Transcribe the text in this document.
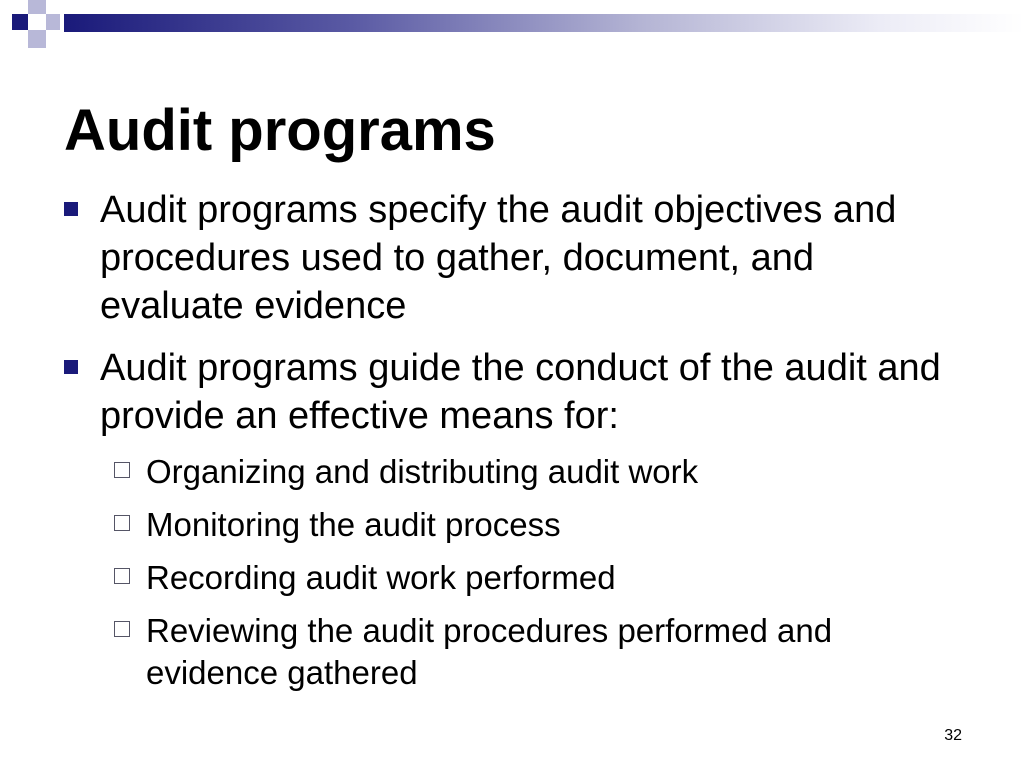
Audit programs
Audit programs specify the audit objectives and procedures used to gather, document, and evaluate evidence
Audit programs guide the conduct of the audit and provide an effective means for:
Organizing and distributing audit work
Monitoring the audit process
Recording audit work performed
Reviewing the audit procedures performed and evidence gathered
32
